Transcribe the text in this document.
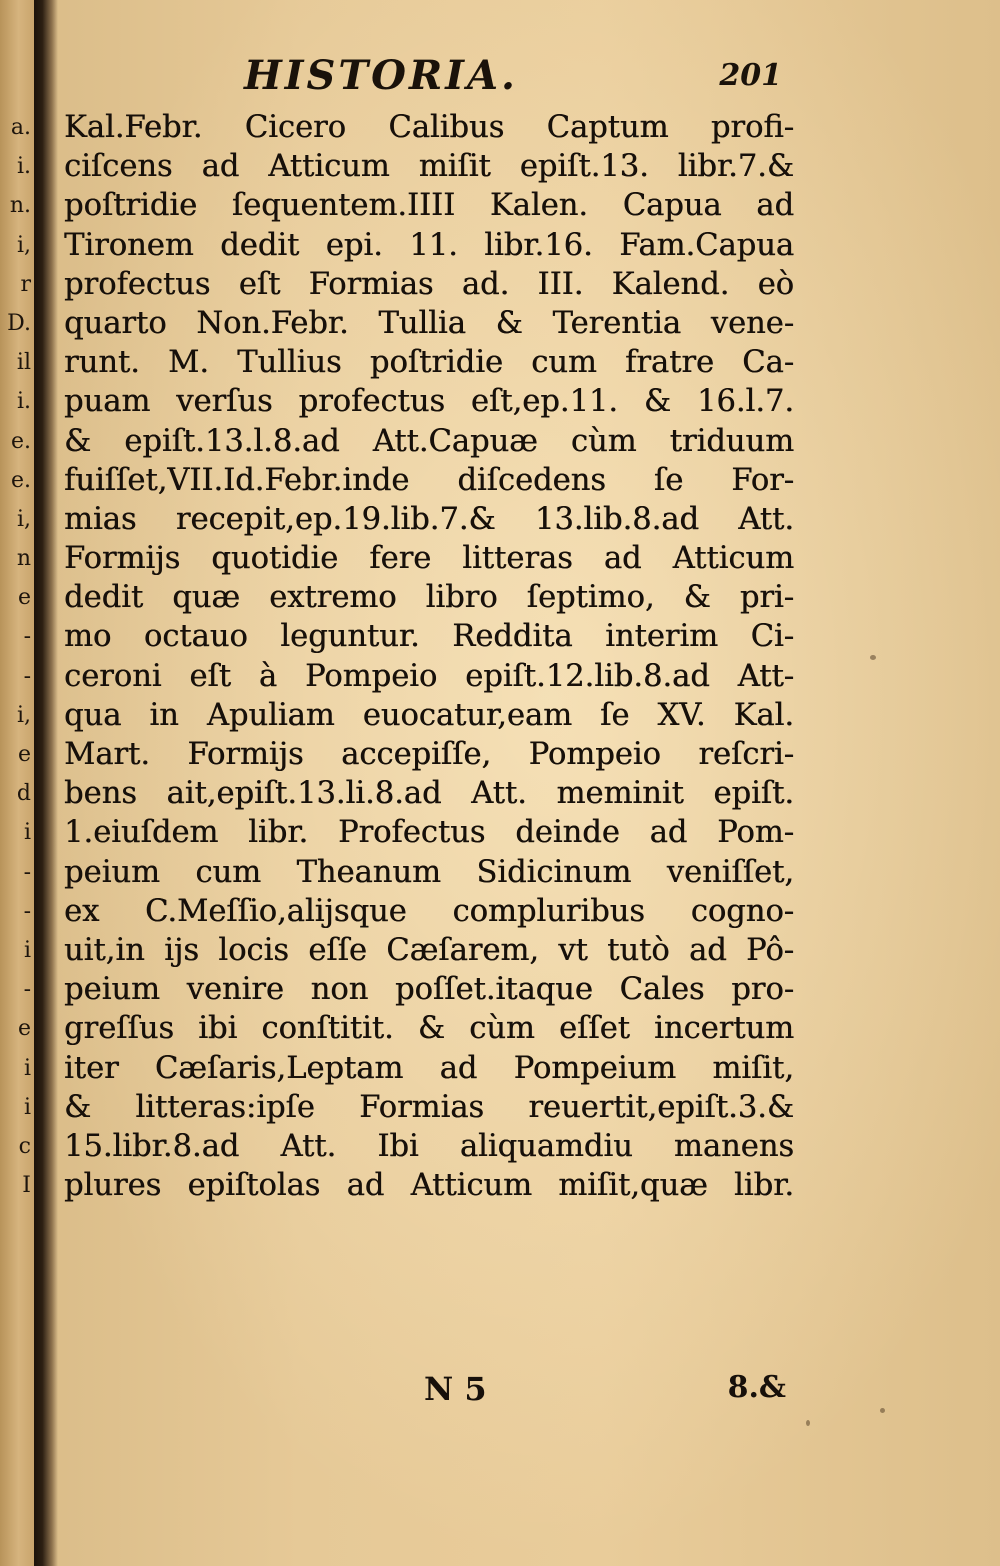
a.
i.
n.
i,
r
D.
il
i.
e.
e.
i,
n
e
-
-
i,
e
d
i
-
-
i
-
e
i
i
c
I
HISTORIA.	201
Kal.Febr. Cicero Calibus Captum profi-
ciſcens ad Atticum miſit epiſt.13. libr.7.&
poſtridie ſequentem.IIII Kalen. Capua ad
Tironem dedit epi. 11. libr.16. Fam.Capua
profectus eſt Formias ad. III. Kalend. eò
quarto Non.Febr. Tullia & Terentia vene-
runt. M. Tullius poſtridie cum fratre Ca-
puam verſus profectus eſt,ep.11. & 16.l.7.
& epiſt.13.l.8.ad Att.Capuæ cùm triduum
fuiſſet,VII.Id.Febr.inde diſcedens ſe For-
mias recepit,ep.19.lib.7.& 13.lib.8.ad Att.
Formijs quotidie fere litteras ad Atticum
dedit quæ extremo libro ſeptimo, & pri-
mo octauo leguntur. Reddita interim Ci-
ceroni eſt à Pompeio epiſt.12.lib.8.ad Att-
qua in Apuliam euocatur,eam ſe XV. Kal.
Mart. Formijs accepiſſe, Pompeio reſcri-
bens ait,epiſt.13.li.8.ad Att. meminit epiſt.
1.eiuſdem libr. Profectus deinde ad Pom-
peium cum Theanum Sidicinum veniſſet,
ex C.Meſſio,alijsque compluribus cogno-
uit,in ijs locis eſſe Cæſarem, vt tutò ad Pô-
peium venire non poſſet.itaque Cales pro-
greſſus ibi conſtitit. & cùm eſſet incertum
iter Cæſaris,Leptam ad Pompeium miſit,
& litteras:ipſe Formias reuertit,epiſt.3.&
15.libr.8.ad Att. Ibi aliquamdiu manens
plures epiſtolas ad Atticum miſit,quæ libr.
N 5	8.&
